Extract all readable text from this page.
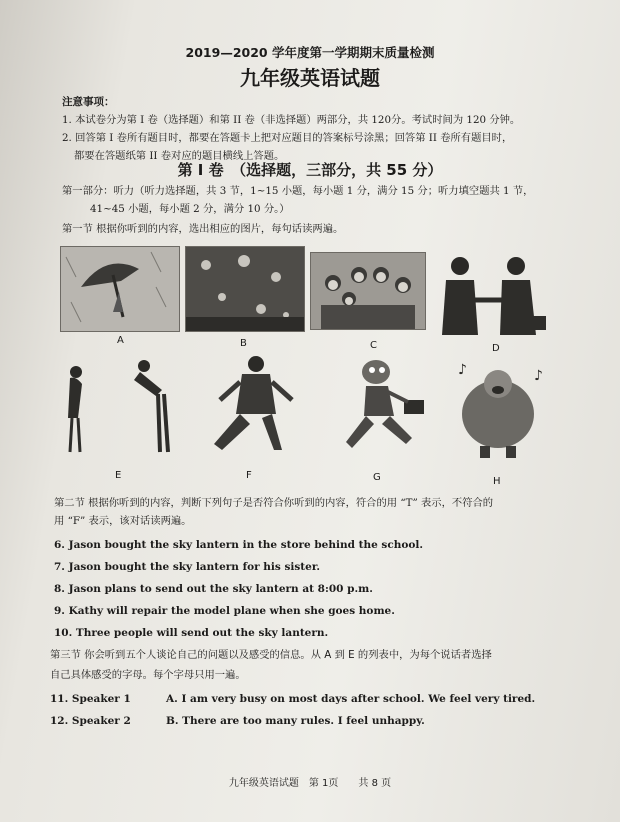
2019—2020 学年度第一学期期末质量检测
九年级英语试题
注意事项：
1. 本试卷分为第 I 卷（选择题）和第 II 卷（非选择题）两部分，共 120分。考试时间为 120 分钟。
2. 回答第 I 卷所有题目时，都要在答题卡上把对应题目的答案标号涂黑；回答第 II 卷所有题目时，
都要在答题纸第 II 卷对应的题目横线上答题。
第 I 卷　（选择题，三部分，共 55 分）
第一部分：听力（听力选择题，共 3 节，1~15 小题，每小题 1 分，满分 15 分；听力填空题共 1 节，
41~45 小题，每小题 2 分，满分 10 分。）
第一节 根据你听到的内容，选出相应的图片，每句话读两遍。
A	B	C	D
♪	♪
E	F	G	H
第二节 根据你听到的内容，判断下列句子是否符合你听到的内容，符合的用 “T” 表示，不符合的
用 “F” 表示，该对话读两遍。
6. Jason bought the sky lantern in the store behind the school.
7. Jason bought the sky lantern for his sister.
8. Jason plans to send out the sky lantern at 8:00 p.m.
9. Kathy will repair the model plane when she goes home.
10. Three people will send out the sky lantern.
第三节 你会听到五个人谈论自己的问题以及感受的信息。从 A 到 E 的列表中，为每个说话者选择
自己具体感受的字母。每个字母只用一遍。
11. Speaker 1	A. I am very busy on most days after school. We feel very tired.
12. Speaker 2	B. There are too many rules. I feel unhappy.
九年级英语试题　第 1页　　共 8 页
